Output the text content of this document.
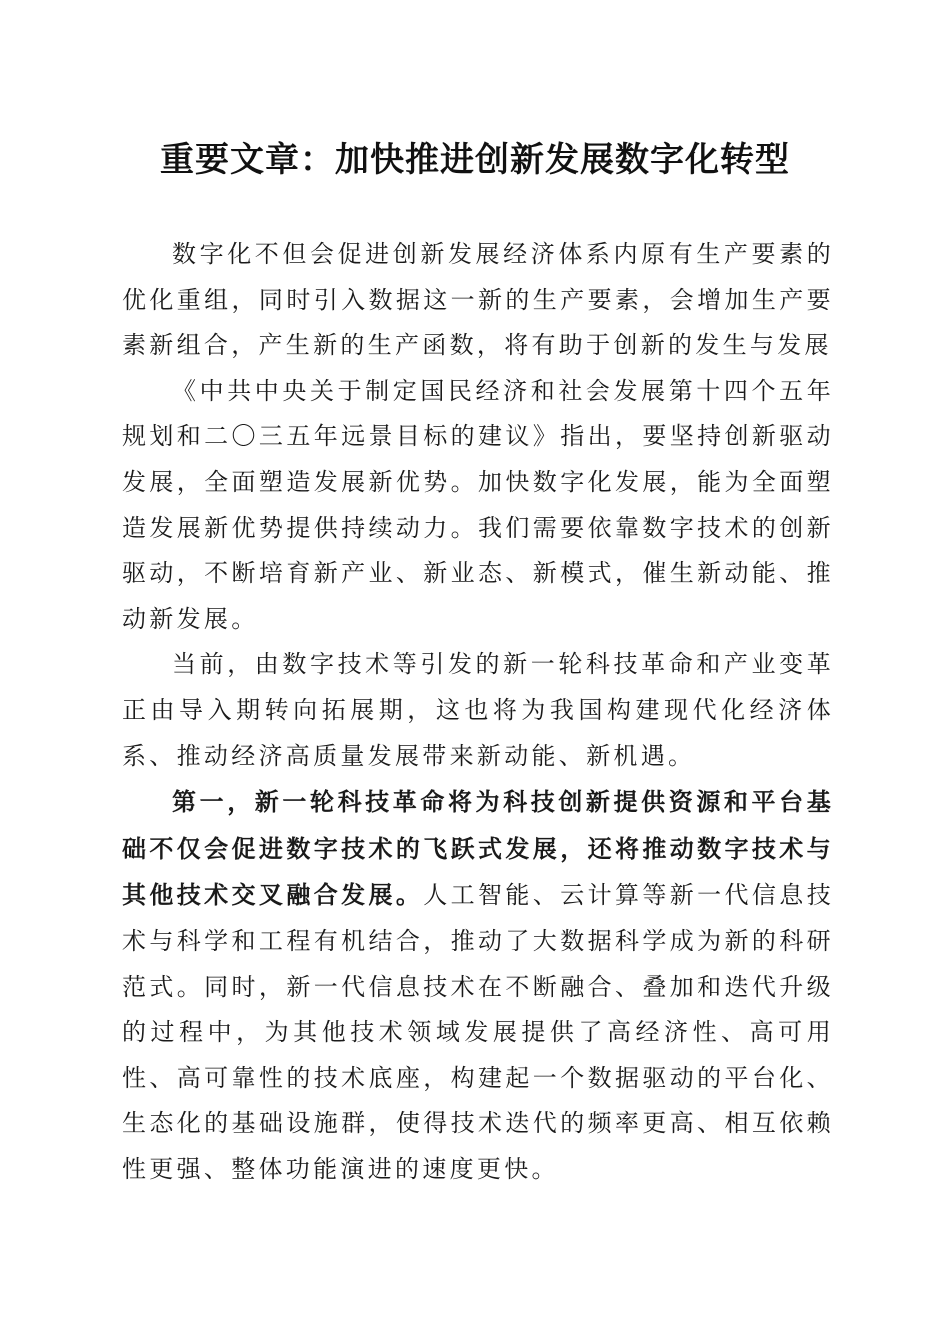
重要文章：加快推进创新发展数字化转型

数字化不但会促进创新发展经济体系内原有生产要素的优化重组，同时引入数据这一新的生产要素，会增加生产要素新组合，产生新的生产函数，将有助于创新的发生与发展

《中共中央关于制定国民经济和社会发展第十四个五年规划和二〇三五年远景目标的建议》指出，要坚持创新驱动发展，全面塑造发展新优势。加快数字化发展，能为全面塑造发展新优势提供持续动力。我们需要依靠数字技术的创新驱动，不断培育新产业、新业态、新模式，催生新动能、推动新发展。

当前，由数字技术等引发的新一轮科技革命和产业变革正由导入期转向拓展期，这也将为我国构建现代化经济体系、推动经济高质量发展带来新动能、新机遇。

第一，新一轮科技革命将为科技创新提供资源和平台基础不仅会促进数字技术的飞跃式发展，还将推动数字技术与其他技术交叉融合发展。人工智能、云计算等新一代信息技术与科学和工程有机结合，推动了大数据科学成为新的科研范式。同时，新一代信息技术在不断融合、叠加和迭代升级的过程中，为其他技术领域发展提供了高经济性、高可用性、高可靠性的技术底座，构建起一个数据驱动的平台化、生态化的基础设施群，使得技术迭代的频率更高、相互依赖性更强、整体功能演进的速度更快。
